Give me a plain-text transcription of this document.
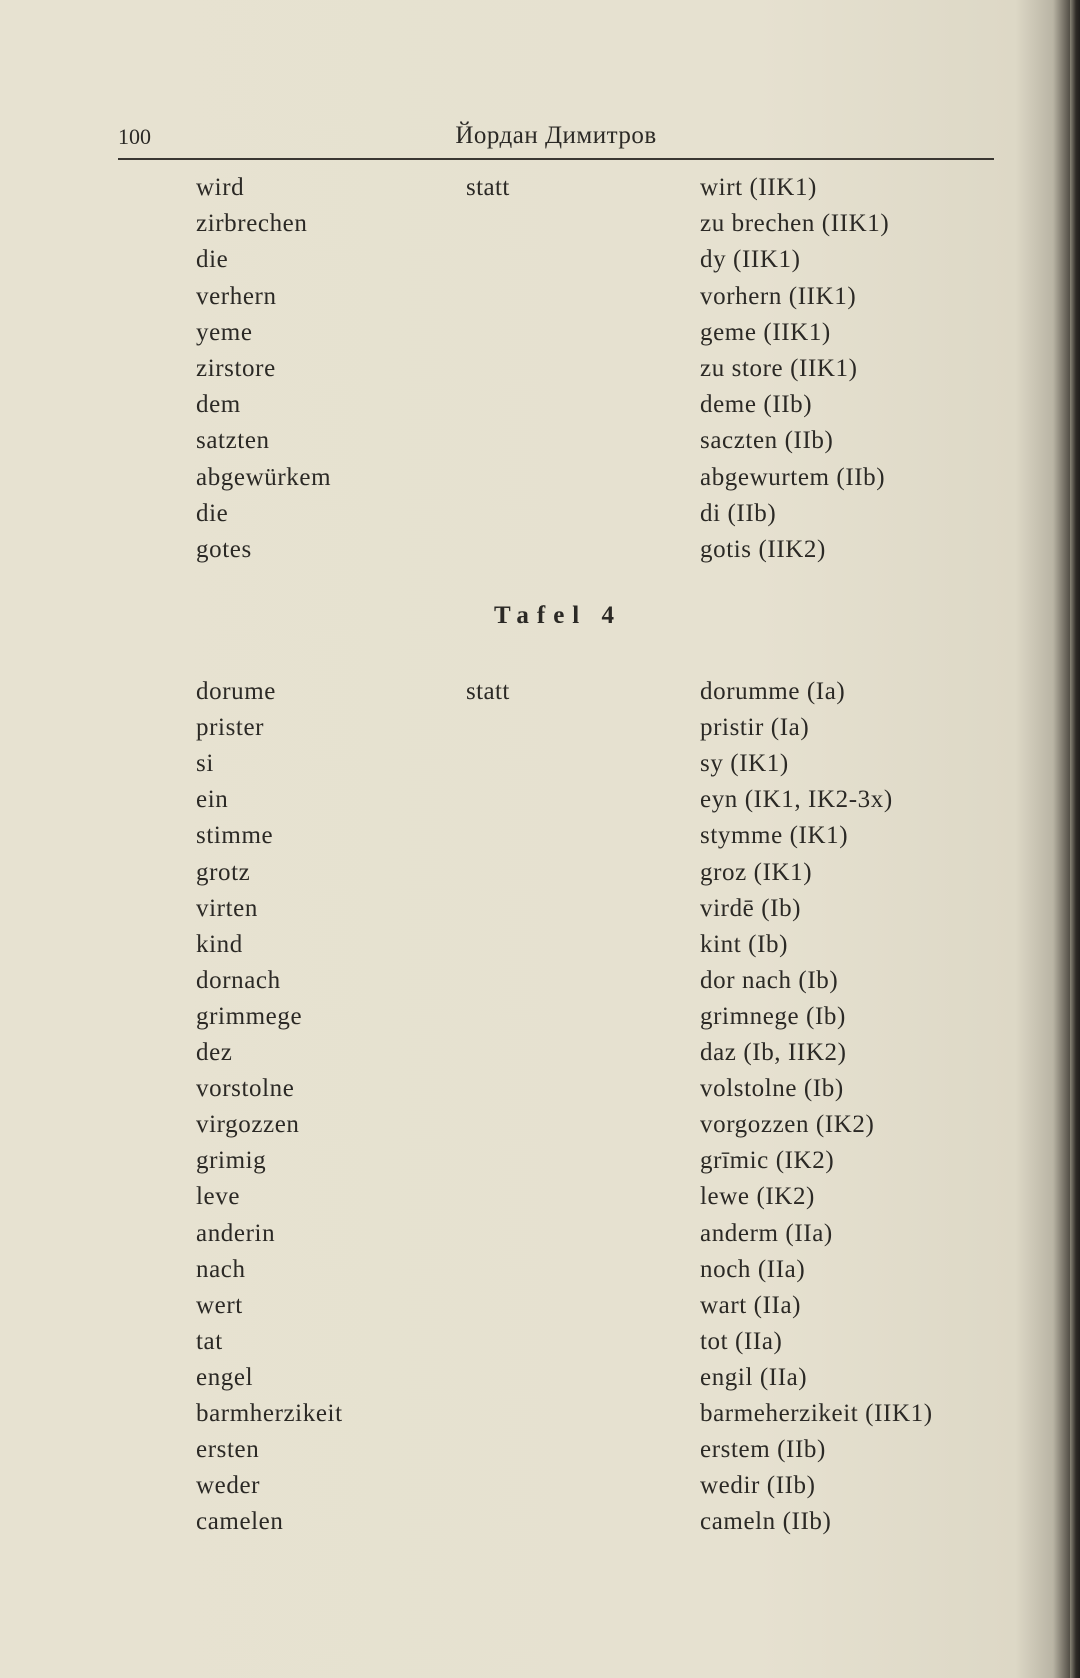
100	Йордан Димитров
wird	statt	wirt (IIK1)
zirbrechen	zu brechen (IIK1)
die	dy (IIK1)
verhern	vorhern (IIK1)
yeme	geme (IIK1)
zirstore	zu store (IIK1)
dem	deme (IIb)
satzten	saczten (IIb)
abgewürkem	abgewurtem (IIb)
die	di (IIb)
gotes	gotis (IIK2)
Tafel 4
dorume	statt	dorumme (Ia)
prister	pristir (Ia)
si	sy (IK1)
ein	eyn (IK1, IK2-3x)
stimme	stymme (IK1)
grotz	groz (IK1)
virten	virdē (Ib)
kind	kint (Ib)
dornach	dor nach (Ib)
grimmege	grimnege (Ib)
dez	daz (Ib, IIK2)
vorstolne	volstolne (Ib)
virgozzen	vorgozzen (IK2)
grimig	grīmic (IK2)
leve	lewe (IK2)
anderin	anderm (IIa)
nach	noch (IIa)
wert	wart (IIa)
tat	tot (IIa)
engel	engil (IIa)
barmherzikeit	barmeherzikeit (IIK1)
ersten	erstem (IIb)
weder	wedir (IIb)
camelen	cameln (IIb)
